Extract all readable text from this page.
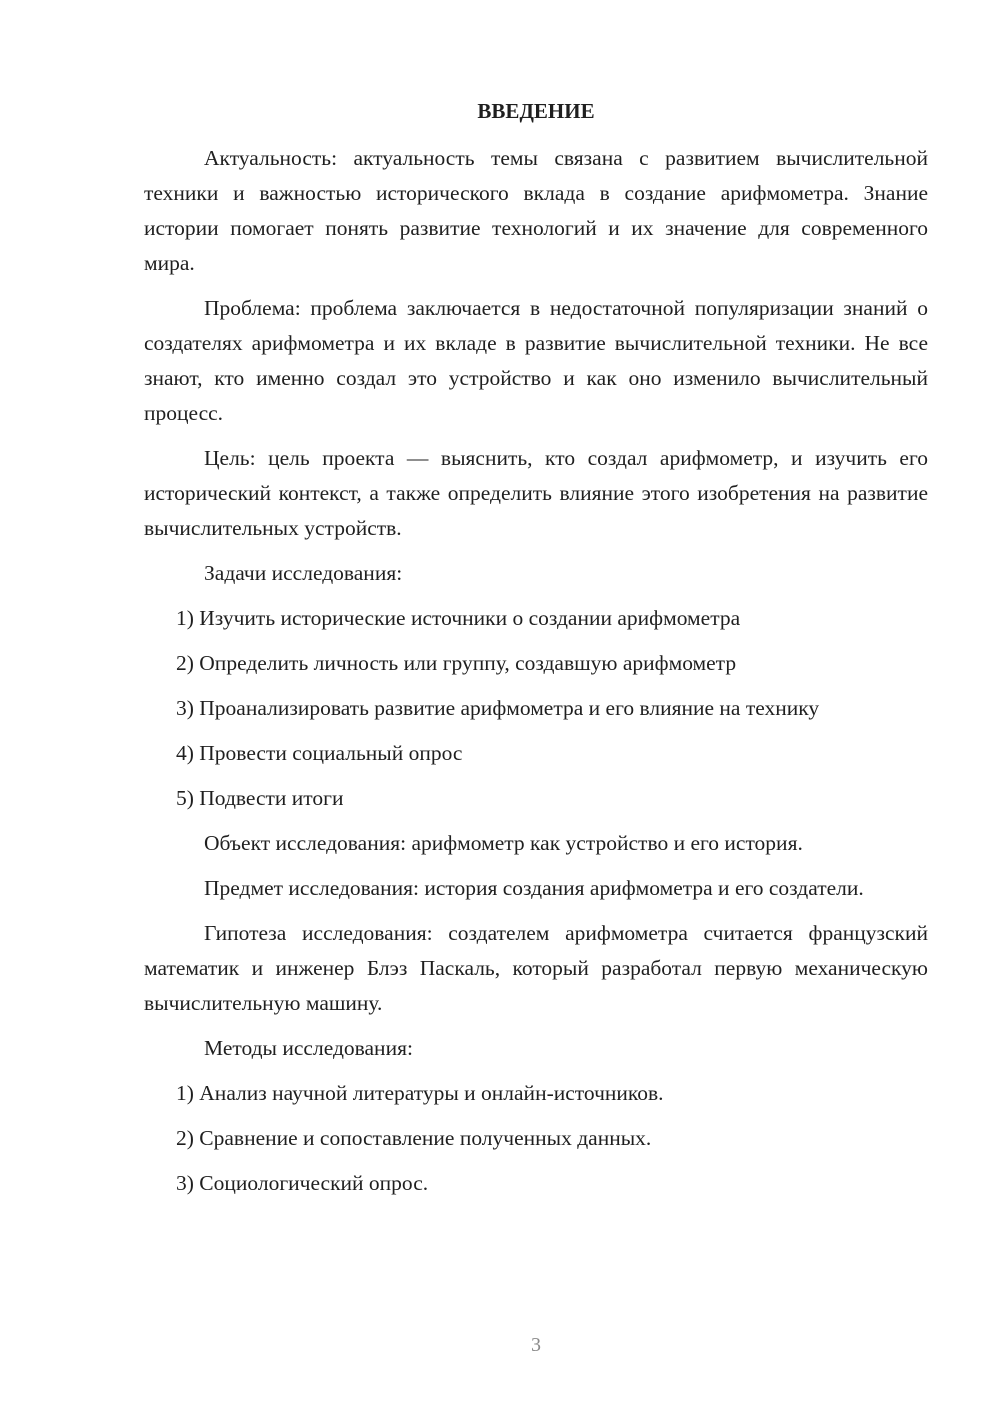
ВВЕДЕНИЕ

Актуальность: актуальность темы связана с развитием вычислительной техники и важностью исторического вклада в создание арифмометра. Знание истории помогает понять развитие технологий и их значение для современного мира.

Проблема: проблема заключается в недостаточной популяризации знаний о создателях арифмометра и их вкладе в развитие вычислительной техники. Не все знают, кто именно создал это устройство и как оно изменило вычислительный процесс.

Цель: цель проекта — выяснить, кто создал арифмометр, и изучить его исторический контекст, а также определить влияние этого изобретения на развитие вычислительных устройств.

Задачи исследования:

1) Изучить исторические источники о создании арифмометра
2) Определить личность или группу, создавшую арифмометр
3) Проанализировать развитие арифмометра и его влияние на технику
4) Провести социальный опрос
5) Подвести итоги

Объект исследования: арифмометр как устройство и его история.

Предмет исследования: история создания арифмометра и его создатели.

Гипотеза исследования: создателем арифмометра считается французский математик и инженер Блэз Паскаль, который разработал первую механическую вычислительную машину.

Методы исследования:

1) Анализ научной литературы и онлайн-источников.
2) Сравнение и сопоставление полученных данных.
3) Социологический опрос.
3
